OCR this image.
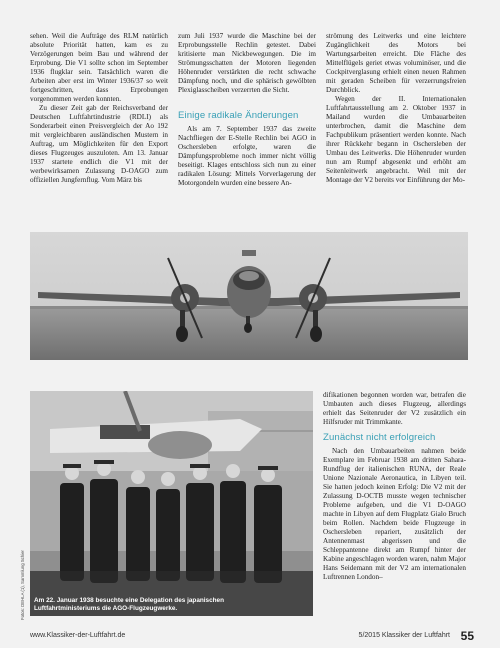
sehen. Weil die Aufträge des RLM natürlich absolute Priorität hatten, kam es zu Verzögerungen beim Bau und während der Erprobung. Die V1 sollte schon im September 1936 flugklar sein. Tatsächlich waren die Arbeiten aber erst im Winter 1936/37 so weit fortgeschritten, dass Erprobungen vorgenommen werden konnten.

Zu dieser Zeit gab der Reichsverband der Deutschen Luftfahrtindustrie (RDLI) als Sonderarbeit einen Preisvergleich der Ao 192 mit vergleichbaren ausländischen Mustern in Auftrag, um Möglichkeiten für den Export dieses Flugzeuges auszuloten. Am 13. Januar 1937 startete endlich die V1 mit der werbewirksamen Zulassung D-OAGO zum offiziellen Jungfernflug. Vom März bis

zum Juli 1937 wurde die Maschine bei der Erprobungsstelle Rechlin getestet. Dabei kritisierte man Nickbewegungen. Die im Strömungsschatten der Motoren liegenden Höhenruder verstärkten die recht schwache Dämpfung noch, und die sphärisch gewölbten Plexiglasscheiben verzerrten die Sicht.

Einige radikale Änderungen

Als am 7. September 1937 das zweite Nachfliegen der E-Stelle Rechlin bei AGO in Oschersleben erfolgte, waren die Dämpfungsprobleme noch immer nicht völlig beseitigt. Klages entschloss sich nun zu einer radikalen Lösung: Mittels Vorverlagerung der Motorgondeln wurden eine bessere An-

strömung des Leitwerks und eine leichtere Zugänglichkeit des Motors bei Wartungsarbeiten erreicht. Die Fläche des Mittelflügels geriet etwas voluminöser, und die Cockpitverglasung erhielt einen neuen Rahmen mit geraden Scheiben für verzerrungsfreien Durchblick.

Wegen der II. Internationalen Luftfahrtausstellung am 2. Oktober 1937 in Mailand wurden die Umbauarbeiten unterbrochen, damit die Maschine dem Fachpublikum präsentiert werden konnte. Nach ihrer Rückkehr begann in Oschersleben der Umbau des Leitwerks. Die Höhenruder wurden nun am Rumpf abgesenkt und erhöht am Seitenleitwerk angebracht. Weil mit der Montage der V2 bereits vor Einführung der Mo-

Am 22. Januar 1938 besuchte eine Delegation des japanischen Luftfahrtministeriums die AGO-Flugzeugwerke.
Fotos: DEHLA (1), Sammlung Schier

difikationen begonnen worden war, betrafen die Umbauten auch dieses Flugzeug, allerdings erhielt das Seitenruder der V2 zusätzlich ein Hilfsruder mit Trimmkante.

Zunächst nicht erfolgreich

Nach den Umbauarbeiten nahmen beide Exemplare im Februar 1938 am dritten Sahara-Rundflug der italienischen RUNA, der Reale Unione Nazionale Aeronautica, in Libyen teil. Sie hatten jedoch keinen Erfolg: Die V2 mit der Zulassung D-OCTB musste wegen technischer Probleme aufgeben, und die V1 D-OAGO machte in Libyen auf dem Flugplatz Gialo Bruch beim Rollen. Nachdem beide Flugzeuge in Oschersleben repariert, zusätzlich der Antennenmast abgerissen und die Schleppantenne direkt am Rumpf hinter der Kabine angeschlagen worden waren, nahm Major Hans Seidemann mit der V2 am internationalen Luftrennen London–

www.Klassiker-der-Luftfahrt.de	5/2015 Klassiker der Luftfahrt 55
